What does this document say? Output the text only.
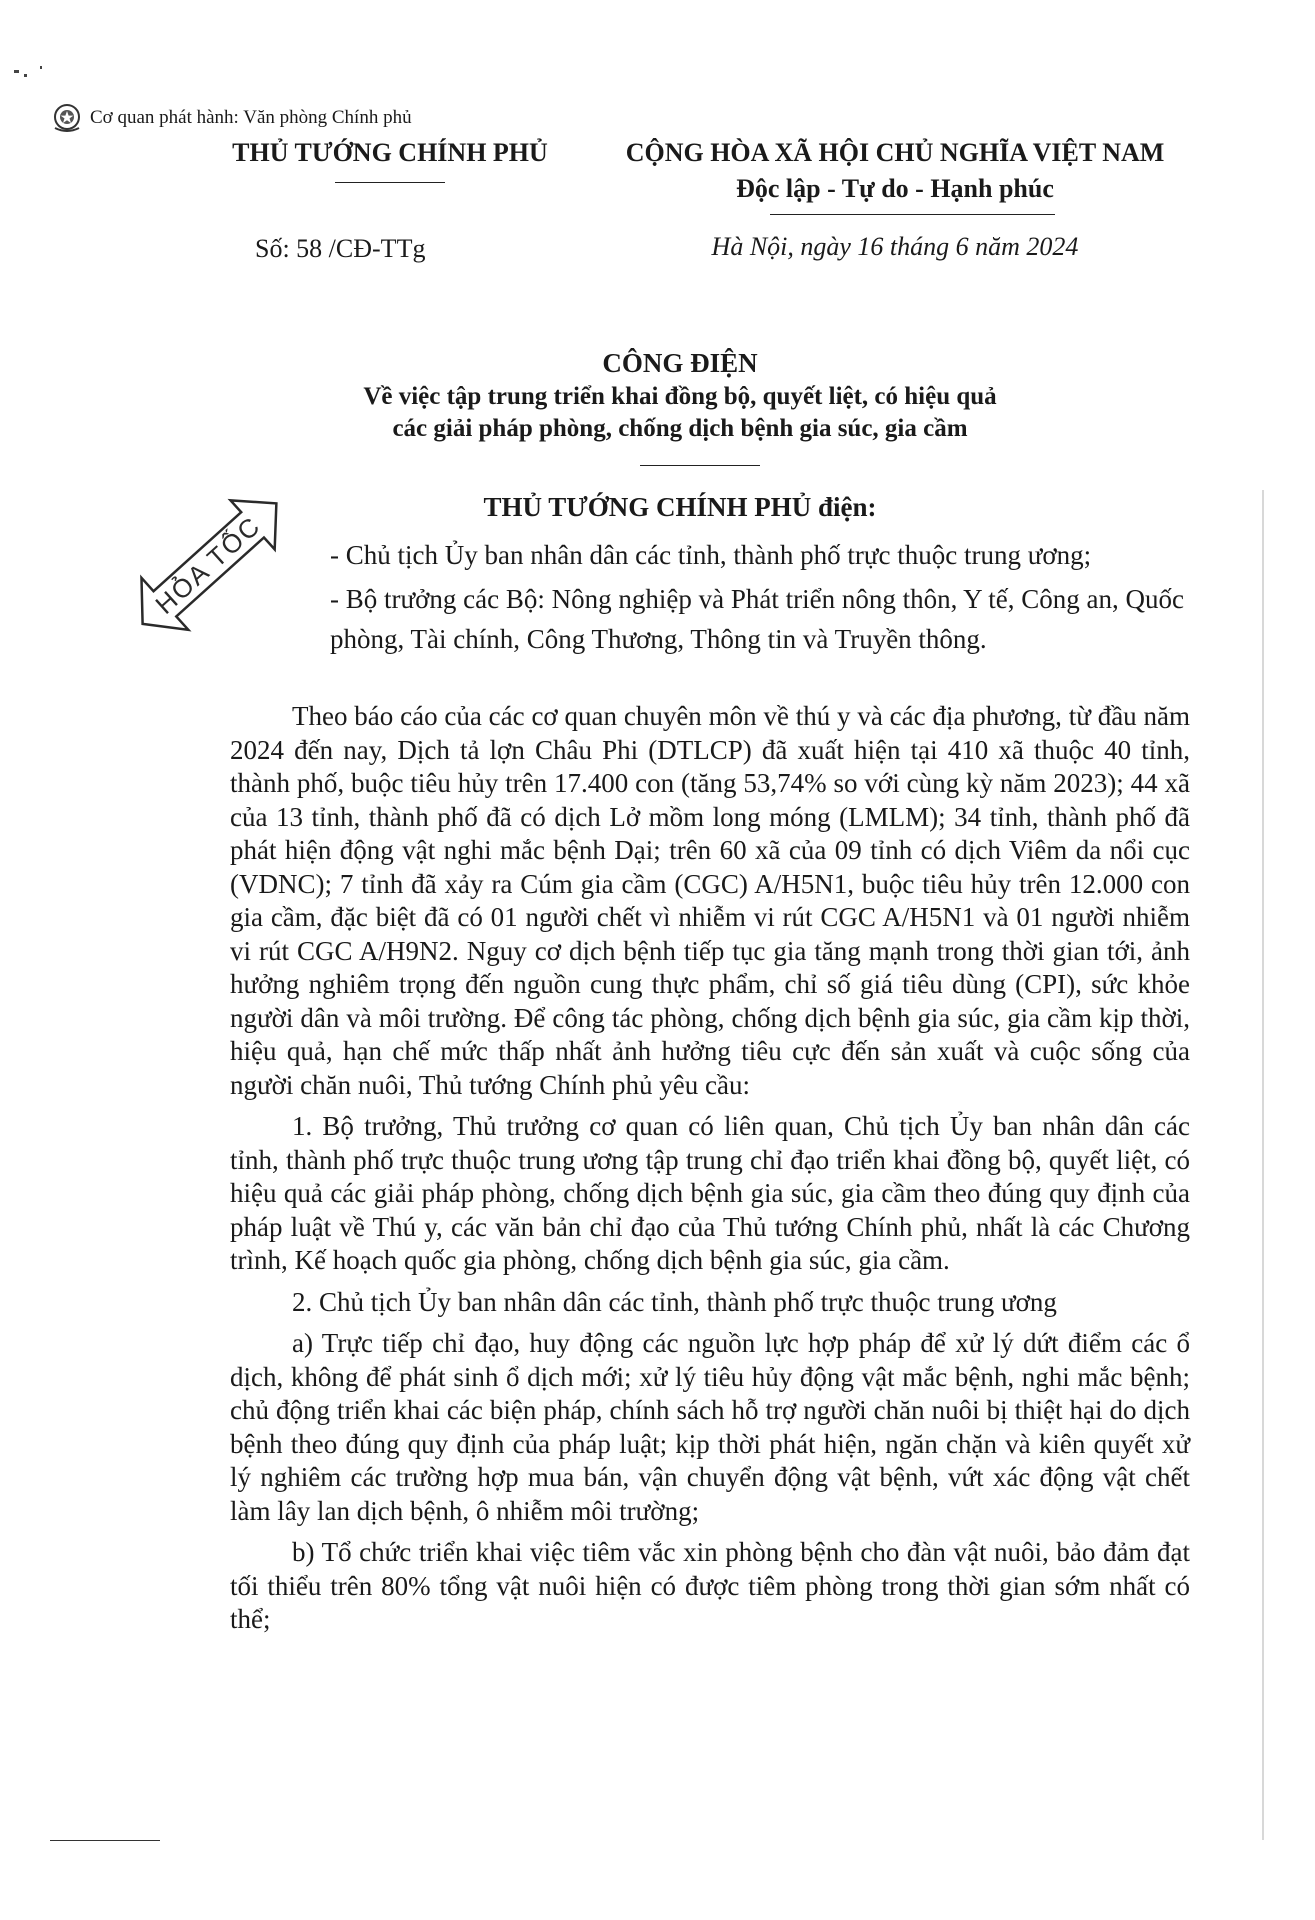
Cơ quan phát hành: Văn phòng Chính phủ
THỦ TƯỚNG CHÍNH PHỦ	CỘNG HÒA XÃ HỘI CHỦ NGHĨA VIỆT NAM
Độc lập - Tự do - Hạnh phúc
Số: 58 /CĐ-TTg	Hà Nội, ngày 16 tháng 6 năm 2024
CÔNG ĐIỆN
Về việc tập trung triển khai đồng bộ, quyết liệt, có hiệu quả
các giải pháp phòng, chống dịch bệnh gia súc, gia cầm
HỎA TỐC
THỦ TƯỚNG CHÍNH PHỦ điện:
- Chủ tịch Ủy ban nhân dân các tỉnh, thành phố trực thuộc trung ương;
- Bộ trưởng các Bộ: Nông nghiệp và Phát triển nông thôn, Y tế, Công an, Quốc phòng, Tài chính, Công Thương, Thông tin và Truyền thông.

Theo báo cáo của các cơ quan chuyên môn về thú y và các địa phương, từ đầu năm 2024 đến nay, Dịch tả lợn Châu Phi (DTLCP) đã xuất hiện tại 410 xã thuộc 40 tỉnh, thành phố, buộc tiêu hủy trên 17.400 con (tăng 53,74% so với cùng kỳ năm 2023); 44 xã của 13 tỉnh, thành phố đã có dịch Lở mồm long móng (LMLM); 34 tỉnh, thành phố đã phát hiện động vật nghi mắc bệnh Dại; trên 60 xã của 09 tỉnh có dịch Viêm da nổi cục (VDNC); 7 tỉnh đã xảy ra Cúm gia cầm (CGC) A/H5N1, buộc tiêu hủy trên 12.000 con gia cầm, đặc biệt đã có 01 người chết vì nhiễm vi rút CGC A/H5N1 và 01 người nhiễm vi rút CGC A/H9N2. Nguy cơ dịch bệnh tiếp tục gia tăng mạnh trong thời gian tới, ảnh hưởng nghiêm trọng đến nguồn cung thực phẩm, chỉ số giá tiêu dùng (CPI), sức khỏe người dân và môi trường. Để công tác phòng, chống dịch bệnh gia súc, gia cầm kịp thời, hiệu quả, hạn chế mức thấp nhất ảnh hưởng tiêu cực đến sản xuất và cuộc sống của người chăn nuôi, Thủ tướng Chính phủ yêu cầu:

1. Bộ trưởng, Thủ trưởng cơ quan có liên quan, Chủ tịch Ủy ban nhân dân các tỉnh, thành phố trực thuộc trung ương tập trung chỉ đạo triển khai đồng bộ, quyết liệt, có hiệu quả các giải pháp phòng, chống dịch bệnh gia súc, gia cầm theo đúng quy định của pháp luật về Thú y, các văn bản chỉ đạo của Thủ tướng Chính phủ, nhất là các Chương trình, Kế hoạch quốc gia phòng, chống dịch bệnh gia súc, gia cầm.

2. Chủ tịch Ủy ban nhân dân các tỉnh, thành phố trực thuộc trung ương

a) Trực tiếp chỉ đạo, huy động các nguồn lực hợp pháp để xử lý dứt điểm các ổ dịch, không để phát sinh ổ dịch mới; xử lý tiêu hủy động vật mắc bệnh, nghi mắc bệnh; chủ động triển khai các biện pháp, chính sách hỗ trợ người chăn nuôi bị thiệt hại do dịch bệnh theo đúng quy định của pháp luật; kịp thời phát hiện, ngăn chặn và kiên quyết xử lý nghiêm các trường hợp mua bán, vận chuyển động vật bệnh, vứt xác động vật chết làm lây lan dịch bệnh, ô nhiễm môi trường;

b) Tổ chức triển khai việc tiêm vắc xin phòng bệnh cho đàn vật nuôi, bảo đảm đạt tối thiểu trên 80% tổng vật nuôi hiện có được tiêm phòng trong thời gian sớm nhất có thể;
